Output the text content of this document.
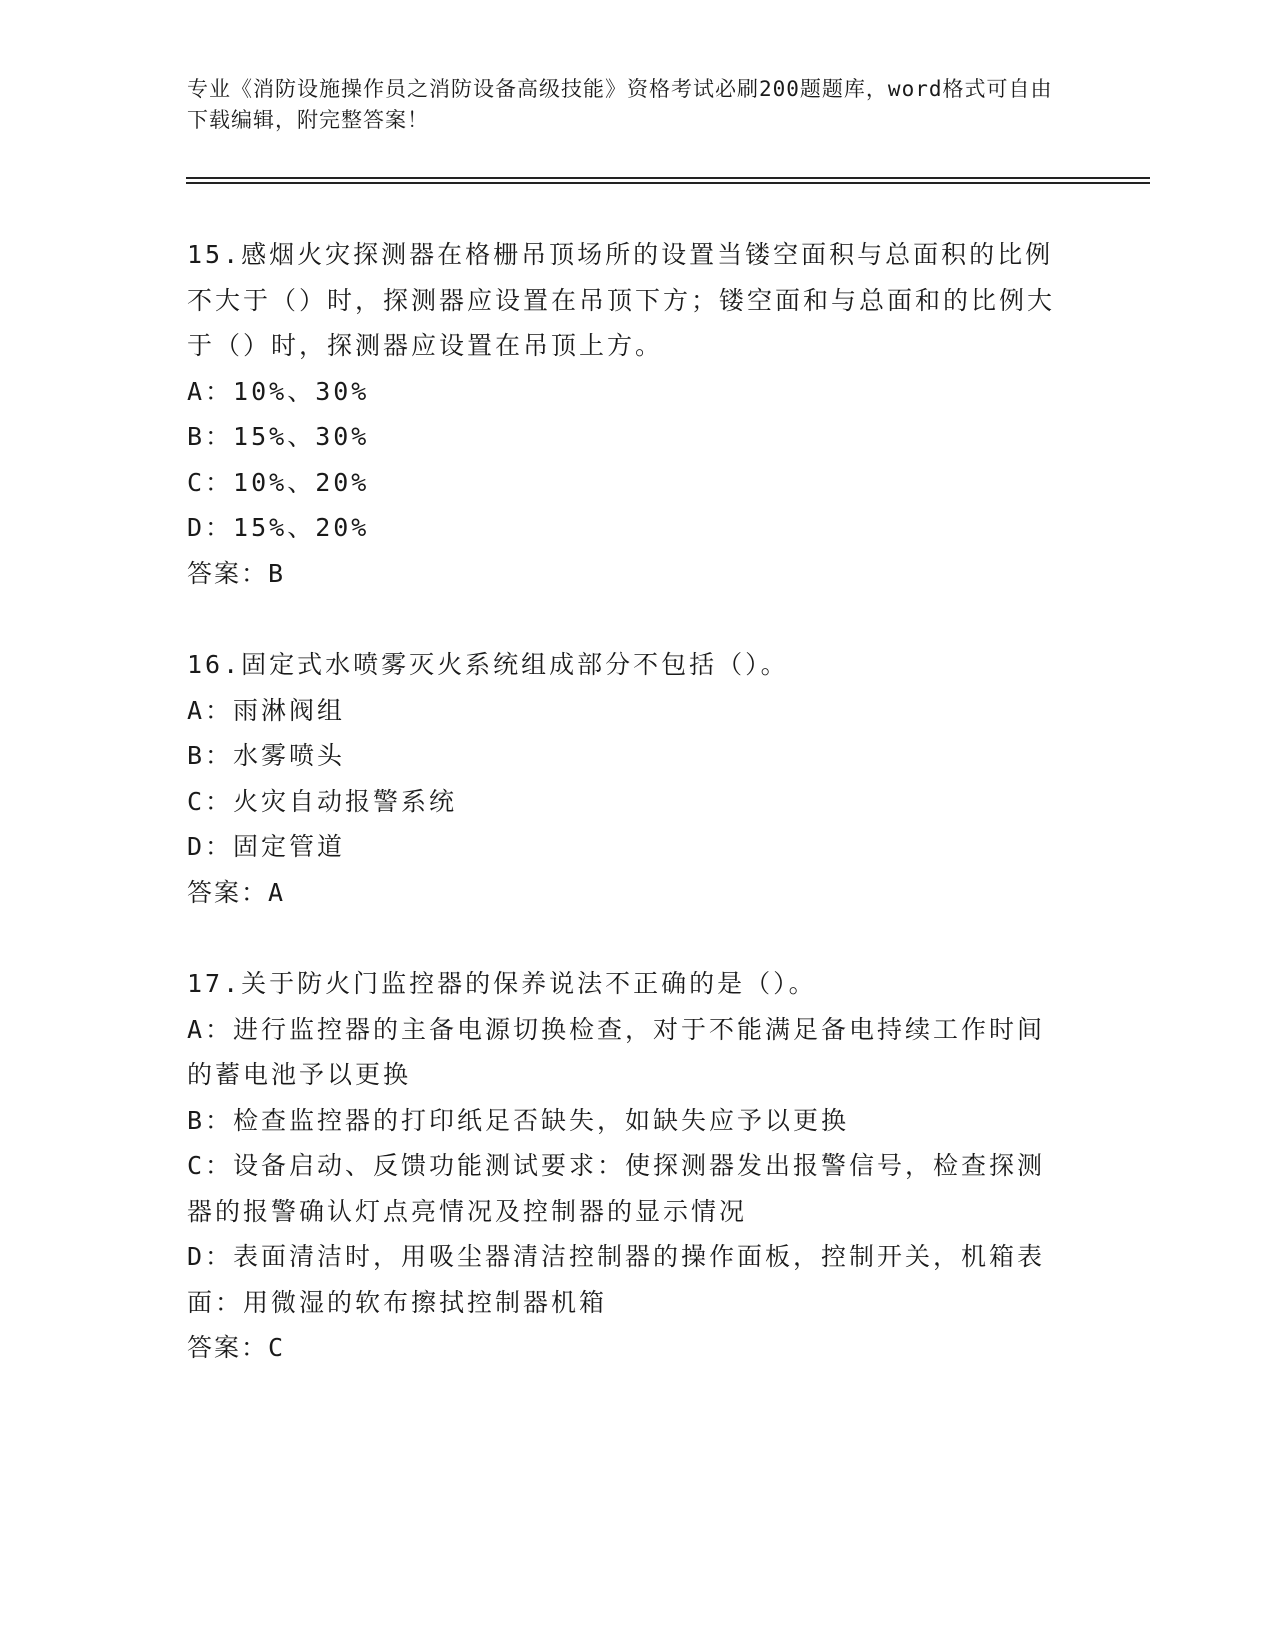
专业《消防设施操作员之消防设备高级技能》资格考试必刷200题题库，word格式可自由下载编辑，附完整答案！
15.感烟火灾探测器在格栅吊顶场所的设置当镂空面积与总面积的比例不大于（）时，探测器应设置在吊顶下方；镂空面和与总面和的比例大于（）时，探测器应设置在吊顶上方。
A：10%、30%
B：15%、30%
C：10%、20%
D：15%、20%
答案：B
16.固定式水喷雾灭火系统组成部分不包括（）。
A：雨淋阀组
B：水雾喷头
C：火灾自动报警系统
D：固定管道
答案：A
17.关于防火门监控器的保养说法不正确的是（）。
A：进行监控器的主备电源切换检查，对于不能满足备电持续工作时间的蓄电池予以更换
B：检查监控器的打印纸足否缺失，如缺失应予以更换
C：设备启动、反馈功能测试要求：使探测器发出报警信号，检查探测器的报警确认灯点亮情况及控制器的显示情况
D：表面清洁时，用吸尘器清洁控制器的操作面板，控制开关，机箱表面：用微湿的软布擦拭控制器机箱
答案：C
